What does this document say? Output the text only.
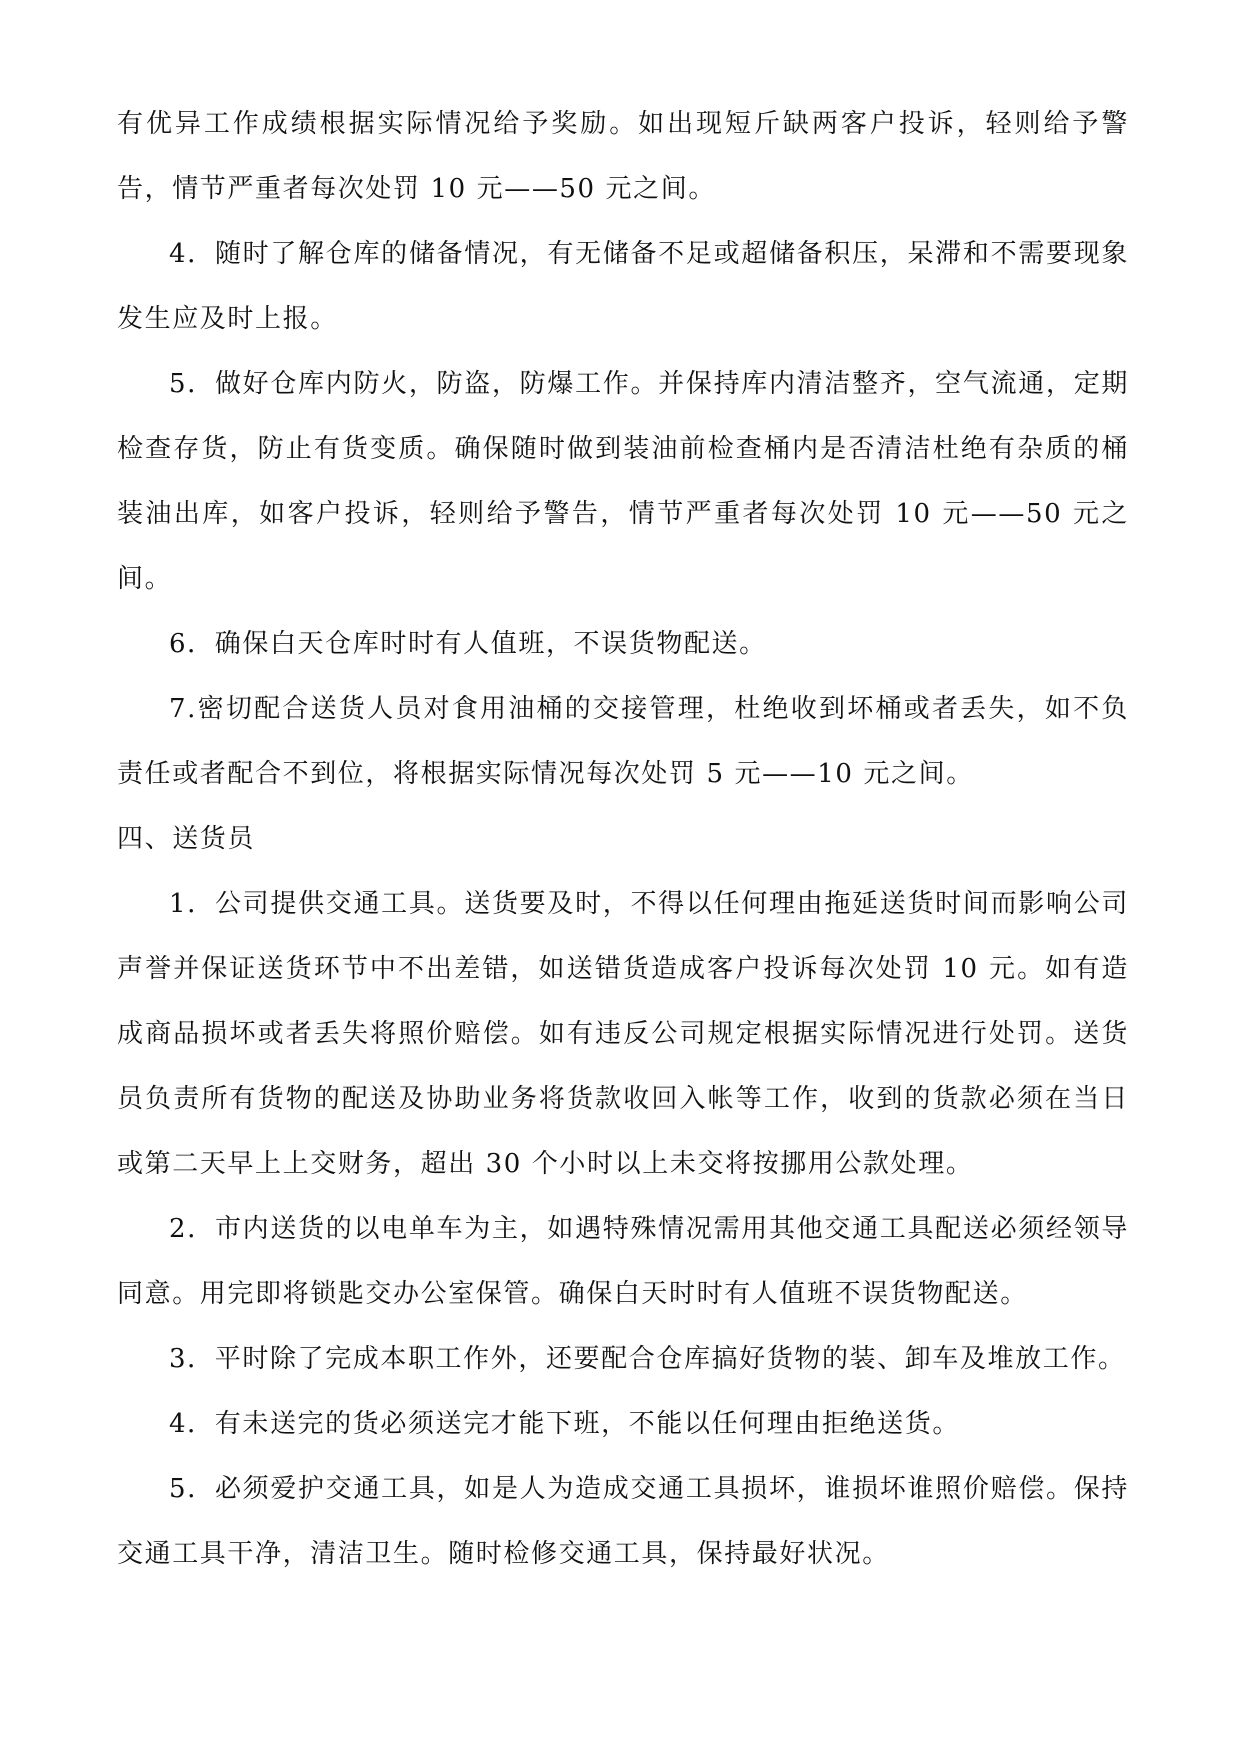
有优异工作成绩根据实际情况给予奖励。如出现短斤缺两客户投诉，轻则给予警告，情节严重者每次处罚 10 元——50 元之间。

4．随时了解仓库的储备情况，有无储备不足或超储备积压，呆滞和不需要现象发生应及时上报。

5．做好仓库内防火，防盗，防爆工作。并保持库内清洁整齐，空气流通，定期检查存货，防止有货变质。确保随时做到装油前检查桶内是否清洁杜绝有杂质的桶装油出库，如客户投诉，轻则给予警告，情节严重者每次处罚 10 元——50 元之间。

6．确保白天仓库时时有人值班，不误货物配送。

7.密切配合送货人员对食用油桶的交接管理，杜绝收到坏桶或者丢失，如不负责任或者配合不到位，将根据实际情况每次处罚 5 元——10 元之间。

四、送货员

1．公司提供交通工具。送货要及时，不得以任何理由拖延送货时间而影响公司声誉并保证送货环节中不出差错，如送错货造成客户投诉每次处罚 10 元。如有造成商品损坏或者丢失将照价赔偿。如有违反公司规定根据实际情况进行处罚。送货员负责所有货物的配送及协助业务将货款收回入帐等工作，收到的货款必须在当日或第二天早上上交财务，超出 30 个小时以上未交将按挪用公款处理。

2．市内送货的以电单车为主，如遇特殊情况需用其他交通工具配送必须经领导同意。用完即将锁匙交办公室保管。确保白天时时有人值班不误货物配送。

3．平时除了完成本职工作外，还要配合仓库搞好货物的装、卸车及堆放工作。

4．有未送完的货必须送完才能下班，不能以任何理由拒绝送货。

5．必须爱护交通工具，如是人为造成交通工具损坏，谁损坏谁照价赔偿。保持交通工具干净，清洁卫生。随时检修交通工具，保持最好状况。
